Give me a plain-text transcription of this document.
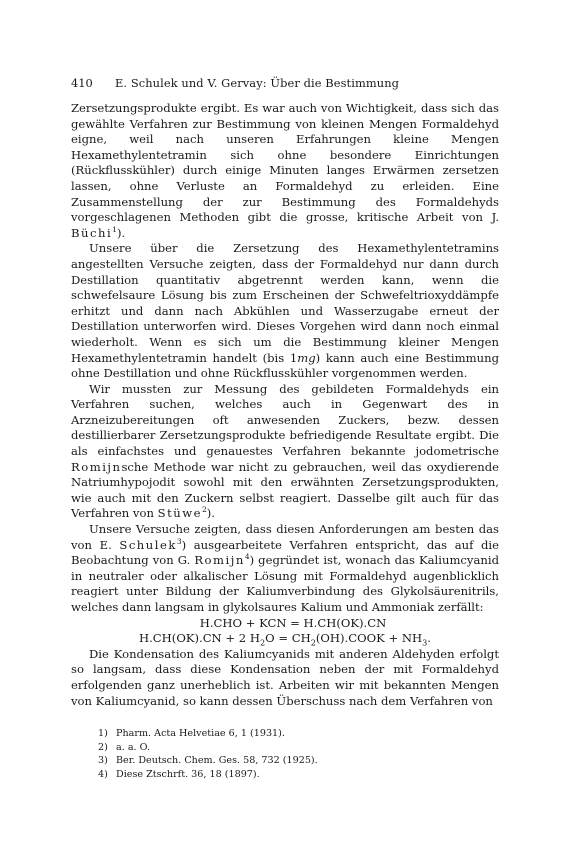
410 E. Schulek und V. Gervay: Über die Bestimmung

Zersetzungsprodukte ergibt. Es war auch von Wichtigkeit, dass sich das gewählte Verfahren zur Bestimmung von kleinen Mengen Formaldehyd eigne, weil nach unseren Erfahrungen kleine Mengen Hexamethylentetramin sich ohne besondere Einrichtungen (Rückflusskühler) durch einige Minuten langes Erwärmen zersetzen lassen, ohne Verluste an Formaldehyd zu erleiden. Eine Zusammenstellung der zur Bestimmung des Formaldehyds vorgeschlagenen Methoden gibt die grosse, kritische Arbeit von J. Büchi$^1$).

Unsere über die Zersetzung des Hexamethylentetramins angestellten Versuche zeigten, dass der Formaldehyd nur dann durch Destillation quantitativ abgetrennt werden kann, wenn die schwefelsaure Lösung bis zum Erscheinen der Schwefeltrioxyddämpfe erhitzt und dann nach Abkühlen und Wasserzugabe erneut der Destillation unterworfen wird. Dieses Vorgehen wird dann noch einmal wiederholt. Wenn es sich um die Bestimmung kleiner Mengen Hexamethylentetramin handelt (bis 1mg) kann auch eine Bestimmung ohne Destillation und ohne Rückflusskühler vorgenommen werden.

Wir mussten zur Messung des gebildeten Formaldehyds ein Verfahren suchen, welches auch in Gegenwart des in Arzneizubereitungen oft anwesenden Zuckers, bezw. dessen destillierbarer Zersetzungsprodukte befriedigende Resultate ergibt. Die als einfachstes und genauestes Verfahren bekannte jodometrische Romijnsche Methode war nicht zu gebrauchen, weil das oxydierende Natriumhypojodit sowohl mit den erwähnten Zersetzungsprodukten, wie auch mit den Zuckern selbst reagiert. Dasselbe gilt auch für das Verfahren von Stüwe$^2$).

Unsere Versuche zeigten, dass diesen Anforderungen am besten das von E. Schulek$^3$) ausgearbeitete Verfahren entspricht, das auf die Beobachtung von G. Romijn$^4$) gegründet ist, wonach das Kaliumcyanid in neutraler oder alkalischer Lösung mit Formaldehyd augenblicklich reagiert unter Bildung der Kaliumverbindung des Glykolsäurenitrils, welches dann langsam in glykolsaures Kalium und Ammoniak zerfällt:

H.CHO + KCN = H.CH(OK).CN
H.CH(OK).CN + 2 $H_2O$ = $CH_2(OH).COOK + NH_3$.

Die Kondensation des Kaliumcyanids mit anderen Aldehyden erfolgt so langsam, dass diese Kondensation neben der mit Formaldehyd erfolgenden ganz unerheblich ist. Arbeiten wir mit bekannten Mengen von Kaliumcyanid, so kann dessen Überschuss nach dem Verfahren von

1) Pharm. Acta Helvetiae 6, 1 (1931).
2) a. a. O.
3) Ber. Deutsch. Chem. Ges. 58, 732 (1925).
4) Diese Ztschrft. 36, 18 (1897).
